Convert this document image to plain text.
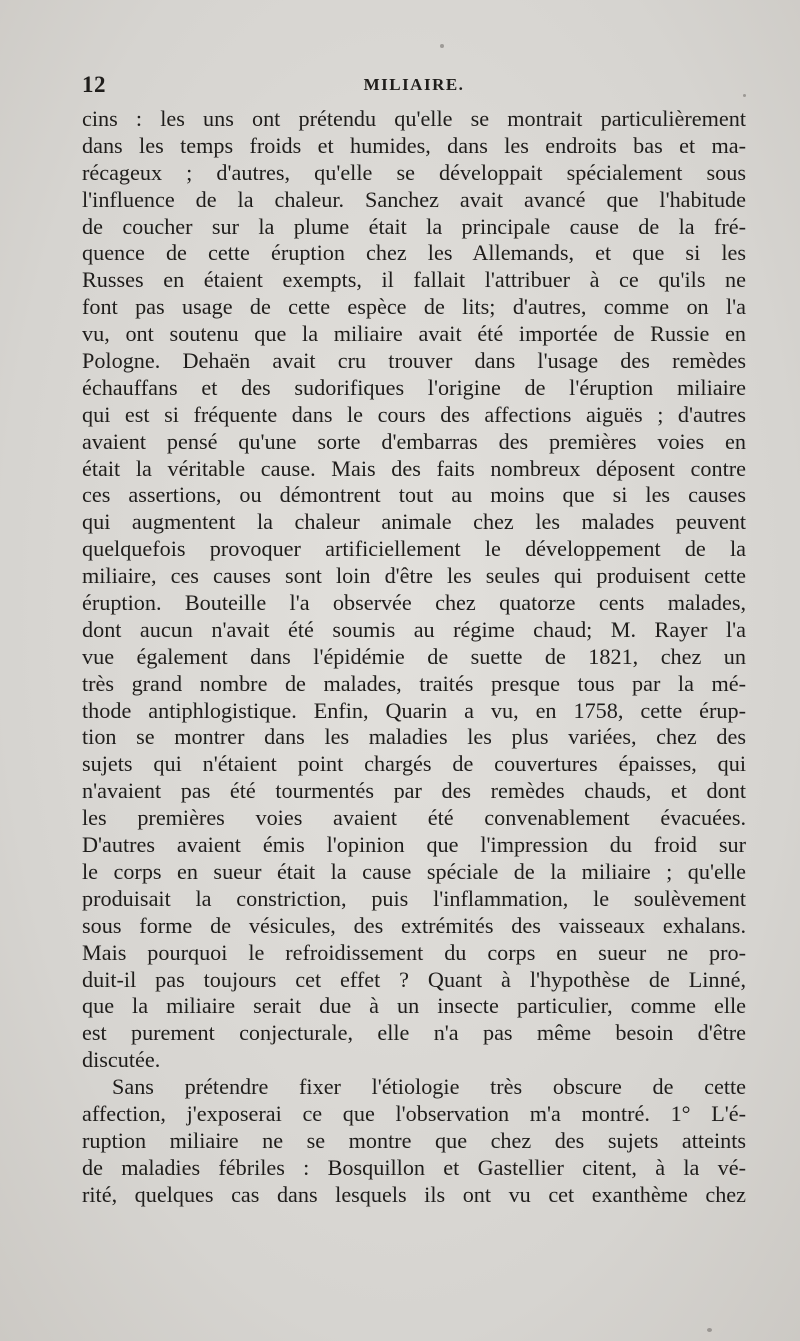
12	MILIAIRE.
cins : les uns ont prétendu qu'elle se montrait particulièrement
dans les temps froids et humides, dans les endroits bas et ma-
récageux ; d'autres, qu'elle se développait spécialement sous
l'influence de la chaleur. Sanchez avait avancé que l'habitude
de coucher sur la plume était la principale cause de la fré-
quence de cette éruption chez les Allemands, et que si les
Russes en étaient exempts, il fallait l'attribuer à ce qu'ils ne
font pas usage de cette espèce de lits; d'autres, comme on l'a
vu, ont soutenu que la miliaire avait été importée de Russie en
Pologne. Dehaën avait cru trouver dans l'usage des remèdes
échauffans et des sudorifiques l'origine de l'éruption miliaire
qui est si fréquente dans le cours des affections aiguës ; d'autres
avaient pensé qu'une sorte d'embarras des premières voies en
était la véritable cause. Mais des faits nombreux déposent contre
ces assertions, ou démontrent tout au moins que si les causes
qui augmentent la chaleur animale chez les malades peuvent
quelquefois provoquer artificiellement le développement de la
miliaire, ces causes sont loin d'être les seules qui produisent cette
éruption. Bouteille l'a observée chez quatorze cents malades,
dont aucun n'avait été soumis au régime chaud; M. Rayer l'a
vue également dans l'épidémie de suette de 1821, chez un
très grand nombre de malades, traités presque tous par la mé-
thode antiphlogistique. Enfin, Quarin a vu, en 1758, cette érup-
tion se montrer dans les maladies les plus variées, chez des
sujets qui n'étaient point chargés de couvertures épaisses, qui
n'avaient pas été tourmentés par des remèdes chauds, et dont
les premières voies avaient été convenablement évacuées.
D'autres avaient émis l'opinion que l'impression du froid sur
le corps en sueur était la cause spéciale de la miliaire ; qu'elle
produisait la constriction, puis l'inflammation, le soulèvement
sous forme de vésicules, des extrémités des vaisseaux exhalans.
Mais pourquoi le refroidissement du corps en sueur ne pro-
duit-il pas toujours cet effet ? Quant à l'hypothèse de Linné,
que la miliaire serait due à un insecte particulier, comme elle
est purement conjecturale, elle n'a pas même besoin d'être
discutée.
Sans prétendre fixer l'étiologie très obscure de cette
affection, j'exposerai ce que l'observation m'a montré. 1° L'é-
ruption miliaire ne se montre que chez des sujets atteints
de maladies fébriles : Bosquillon et Gastellier citent, à la vé-
rité, quelques cas dans lesquels ils ont vu cet exanthème chez
